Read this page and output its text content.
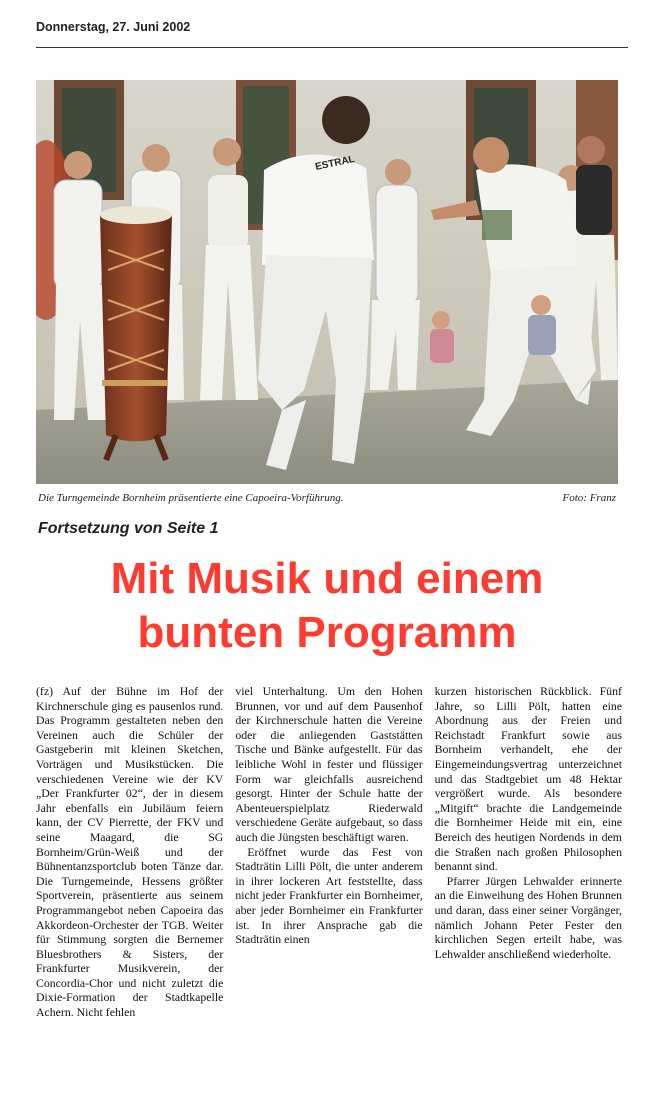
Donnerstag, 27. Juni 2002
ESTRAL
Die Turngemeinde Bornheim präsentierte eine Capoeira-Vorführung.	Foto: Franz
Fortsetzung von Seite 1
Mit Musik und einem
bunten Programm

(fz) Auf der Bühne im Hof der Kirchnerschule ging es pausenlos rund. Das Programm gestalteten neben den Vereinen auch die Schüler der Gastgeberin mit kleinen Sketchen, Vorträgen und Musikstücken. Die verschiedenen Vereine wie der KV „Der Frankfurter 02“, der in diesem Jahr ebenfalls ein Jubiläum feiern kann, der CV Pierrette, der FKV und seine Maagard, die SG Bornheim/Grün-Weiß und der Bühnentanzsportclub boten Tänze dar. Die Turngemeinde, Hessens größter Sportverein, präsentierte aus seinem Programmangebot neben Capoeira das Akkordeon-Orchester der TGB. Weiter für Stimmung sorgten die Bernemer Bluesbrothers & Sisters, der Frankfurter Musikverein, der Concordia-Chor und nicht zuletzt die Dixie-Formation der Stadtkapelle Achern. Nicht fehlen

viel Unterhaltung. Um den Hohen Brunnen, vor und auf dem Pausenhof der Kirchnerschule hatten die Vereine oder die anliegenden Gaststätten Tische und Bänke aufgestellt. Für das leibliche Wohl in fester und flüssiger Form war gleichfalls ausreichend gesorgt. Hinter der Schule hatte der Abenteuerspielplatz Riederwald verschiedene Geräte aufgebaut, so dass auch die Jüngsten beschäftigt waren.

Eröffnet wurde das Fest von Stadträtin Lilli Pölt, die unter anderem in ihrer lockeren Art feststellte, dass nicht jeder Frankfurter ein Bornheimer, aber jeder Bornheimer ein Frankfurter ist. In ihrer Ansprache gab die Stadträtin einen

kurzen historischen Rückblick. Fünf Jahre, so Lilli Pölt, hatten eine Abordnung aus der Freien und Reichstadt Frankfurt sowie aus Bornheim verhandelt, ehe der Eingemeindungsvertrag unterzeichnet und das Stadtgebiet um 48 Hektar vergrößert wurde. Als besondere „Mitgift“ brachte die Landgemeinde die Bornheimer Heide mit ein, eine Bereich des heutigen Nordends in dem die Straßen nach großen Philosophen benannt sind.

Pfarrer Jürgen Lehwalder erinnerte an die Einweihung des Hohen Brunnen und daran, dass einer seiner Vorgänger, nämlich Johann Peter Fester den kirchlichen Segen erteilt habe, was Lehwalder anschließend wiederholte.
